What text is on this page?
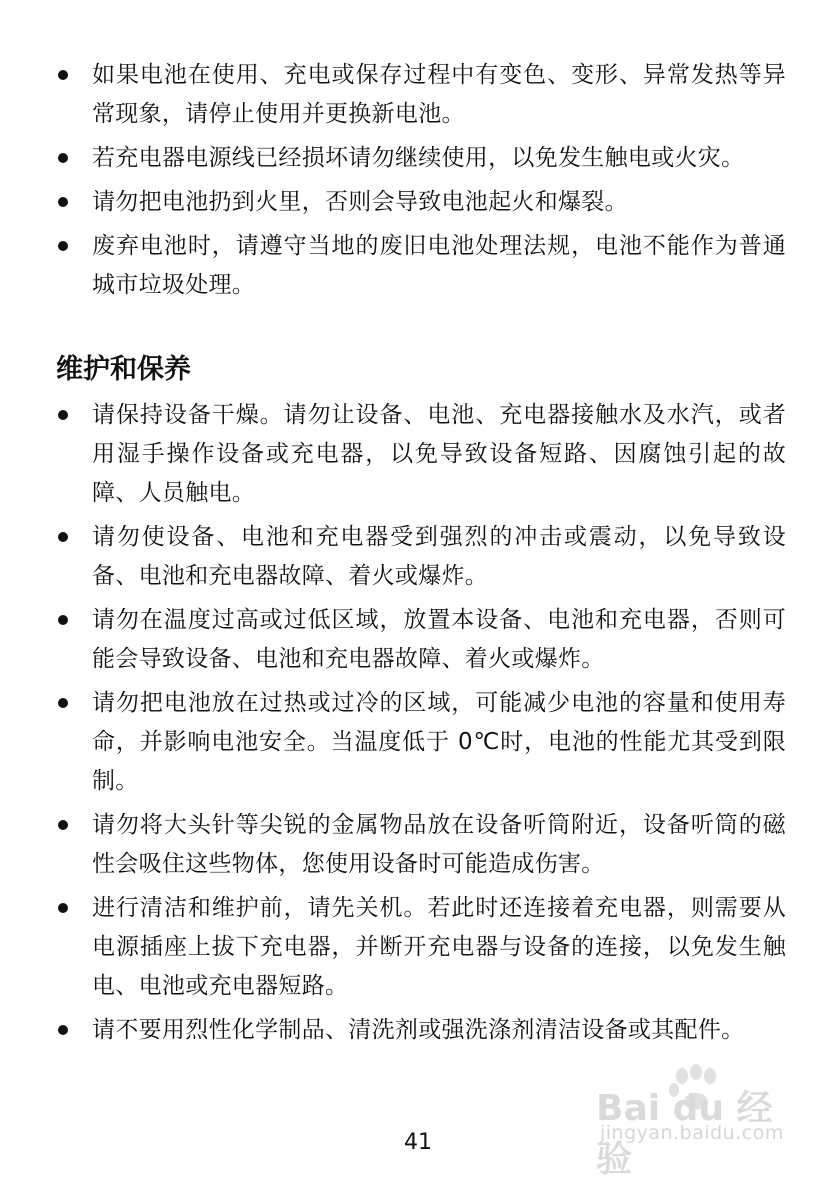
如果电池在使用、充电或保存过程中有变色、变形、异常发热等异常现象，请停止使用并更换新电池。
若充电器电源线已经损坏请勿继续使用，以免发生触电或火灾。
请勿把电池扔到火里，否则会导致电池起火和爆裂。
废弃电池时，请遵守当地的废旧电池处理法规，电池不能作为普通城市垃圾处理。
维护和保养
请保持设备干燥。请勿让设备、电池、充电器接触水及水汽，或者用湿手操作设备或充电器，以免导致设备短路、因腐蚀引起的故障、人员触电。
请勿使设备、电池和充电器受到强烈的冲击或震动，以免导致设备、电池和充电器故障、着火或爆炸。
请勿在温度过高或过低区域，放置本设备、电池和充电器，否则可能会导致设备、电池和充电器故障、着火或爆炸。
请勿把电池放在过热或过冷的区域，可能减少电池的容量和使用寿命，并影响电池安全。当温度低于 0℃时，电池的性能尤其受到限制。
请勿将大头针等尖锐的金属物品放在设备听筒附近，设备听筒的磁性会吸住这些物体，您使用设备时可能造成伤害。
进行清洁和维护前，请先关机。若此时还连接着充电器，则需要从电源插座上拔下充电器，并断开充电器与设备的连接，以免发生触电、电池或充电器短路。
请不要用烈性化学制品、清洗剂或强洗涤剂清洁设备或其配件。
Bai du 经验
jingyan.baidu.com
41
